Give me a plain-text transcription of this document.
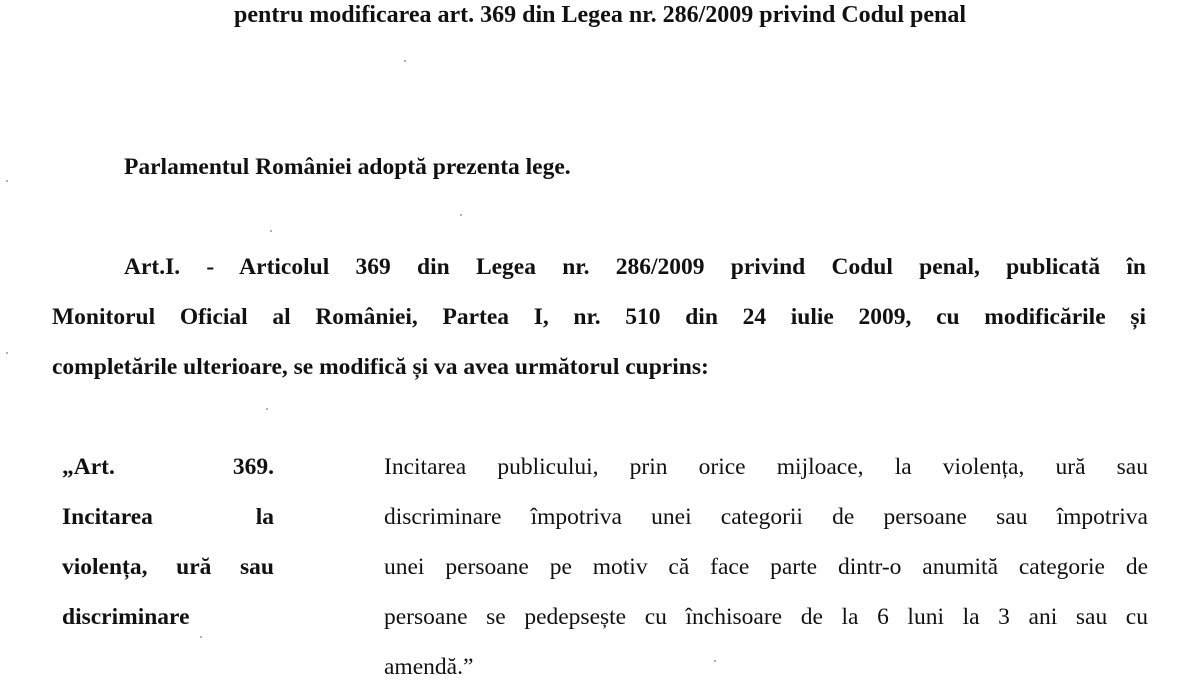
pentru modificarea art. 369 din Legea nr. 286/2009 privind Codul penal
Parlamentul României adoptă prezenta lege.
Art.I. - Articolul 369 din Legea nr. 286/2009 privind Codul penal, publicată în
Monitorul Oficial al României, Partea I, nr. 510 din 24 iulie 2009, cu modificările și
completările ulterioare, se modifică și va avea următorul cuprins:
„Art. 369.
Incitarea la
violența, ură sau
discriminare
Incitarea publicului, prin orice mijloace, la violența, ură sau
discriminare împotriva unei categorii de persoane sau împotriva
unei persoane pe motiv că face parte dintr-o anumită categorie de
persoane se pedepsește cu închisoare de la 6 luni la 3 ani sau cu
amendă.”
